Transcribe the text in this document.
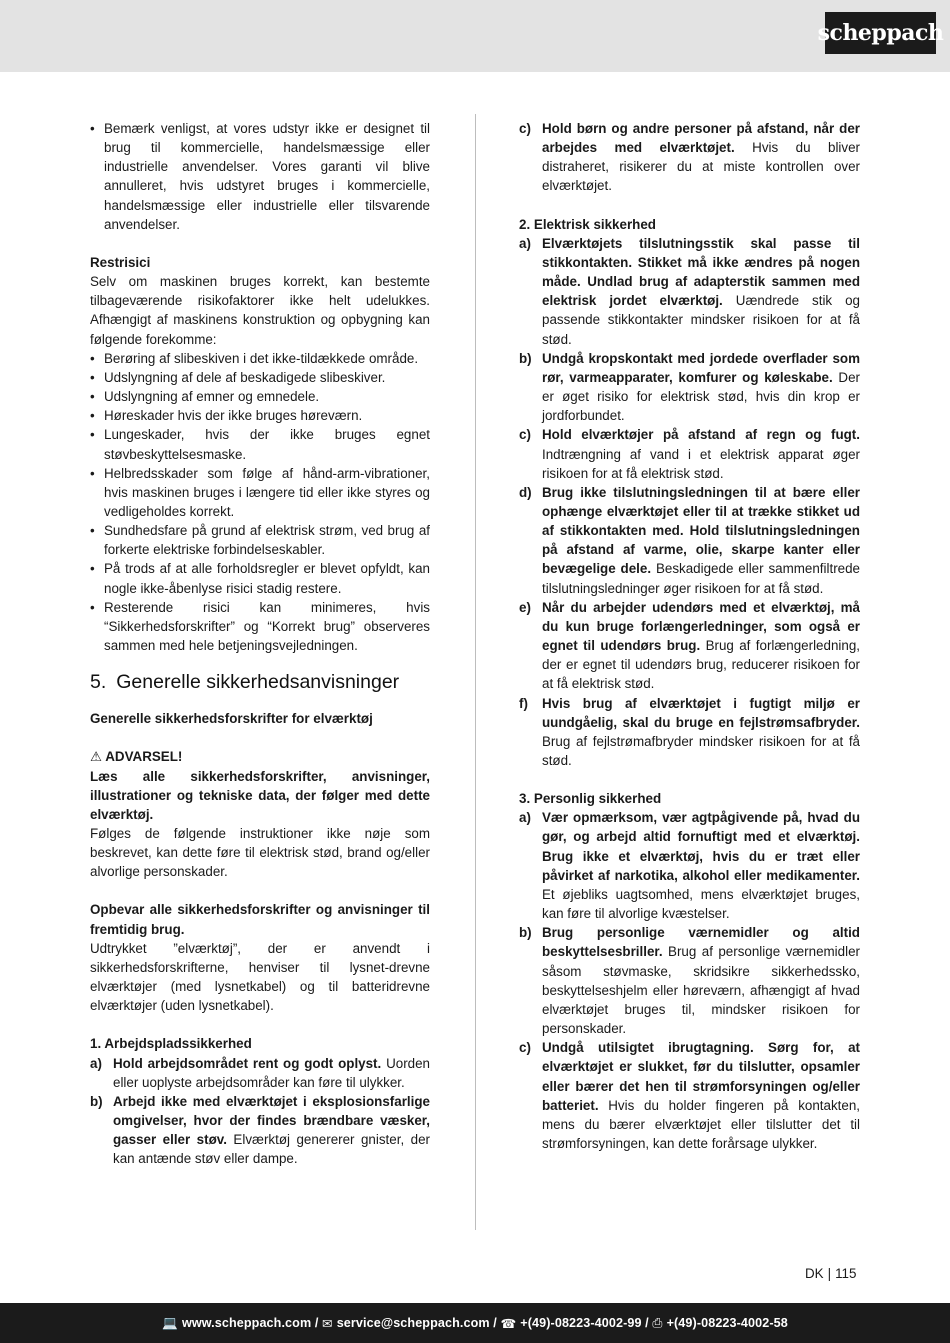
scheppach
• Bemærk venligst, at vores udstyr ikke er designet til brug til kommercielle, handelsmæssige eller industrielle anvendelser. Vores garanti vil blive annulleret, hvis udstyret bruges i kommercielle, handelsmæssige eller industrielle eller tilsvarende anvendelser.

Restrisici

Selv om maskinen bruges korrekt, kan bestemte tilbageværende risikofaktorer ikke helt udelukkes. Afhængigt af maskinens konstruktion og opbygning kan følgende forekomme:

• Berøring af slibeskiven i det ikke-tildækkede område.
• Udslyngning af dele af beskadigede slibeskiver.
• Udslyngning af emner og emnedele.
• Høreskader hvis der ikke bruges høreværn.
• Lungeskader, hvis der ikke bruges egnet støvbeskyttelsesmaske.
• Helbredsskader som følge af hånd-arm-vibrationer, hvis maskinen bruges i længere tid eller ikke styres og vedligeholdes korrekt.
• Sundhedsfare på grund af elektrisk strøm, ved brug af forkerte elektriske forbindelseskabler.
• På trods af at alle forholdsregler er blevet opfyldt, kan nogle ikke-åbenlyse risici stadig restere.
• Resterende risici kan minimeres, hvis “Sikkerhedsforskrifter” og “Korrekt brug” observeres sammen med hele betjeningsvejledningen.
5. Generelle sikkerhedsanvisninger

Generelle sikkerhedsforskrifter for elværktøj

⚠ ADVARSEL!

Læs alle sikkerhedsforskrifter, anvisninger, illustrationer og tekniske data, der følger med dette elværktøj.

Følges de følgende instruktioner ikke nøje som beskrevet, kan dette føre til elektrisk stød, brand og/eller alvorlige personskader.

Opbevar alle sikkerhedsforskrifter og anvisninger til fremtidig brug.

Udtrykket ”elværktøj”, der er anvendt i sikkerhedsforskrifterne, henviser til lysnet-drevne elværktøjer (med lysnetkabel) og til batteridrevne elværktøjer (uden lysnetkabel).

1. Arbejdspladssikkerhed

a) Hold arbejdsområdet rent og godt oplyst. Uorden eller uoplyste arbejdsområder kan føre til ulykker.
b) Arbejd ikke med elværktøjet i eksplosionsfarlige omgivelser, hvor der findes brændbare væsker, gasser eller støv. Elværktøj genererer gnister, der kan antænde støv eller dampe.
c) Hold børn og andre personer på afstand, når der arbejdes med elværktøjet. Hvis du bliver distraheret, risikerer du at miste kontrollen over elværktøjet.

2. Elektrisk sikkerhed

a) Elværktøjets tilslutningsstik skal passe til stikkontakten. Stikket må ikke ændres på nogen måde. Undlad brug af adapterstik sammen med elektrisk jordet elværktøj. Uændrede stik og passende stikkontakter mindsker risikoen for at få stød.
b) Undgå kropskontakt med jordede overflader som rør, varmeapparater, komfurer og køleskabe. Der er øget risiko for elektrisk stød, hvis din krop er jordforbundet.
c) Hold elværktøjer på afstand af regn og fugt. Indtrængning af vand i et elektrisk apparat øger risikoen for at få elektrisk stød.
d) Brug ikke tilslutningsledningen til at bære eller ophænge elværktøjet eller til at trække stikket ud af stikkontakten med. Hold tilslutningsledningen på afstand af varme, olie, skarpe kanter eller bevægelige dele. Beskadigede eller sammenfiltrede tilslutningsledninger øger risikoen for at få stød.
e) Når du arbejder udendørs med et elværktøj, må du kun bruge forlængerledninger, som også er egnet til udendørs brug. Brug af forlængerledning, der er egnet til udendørs brug, reducerer risikoen for at få elektrisk stød.
f) Hvis brug af elværktøjet i fugtigt miljø er uundgåelig, skal du bruge en fejlstrømsafbryder. Brug af fejlstrømafbryder mindsker risikoen for at få stød.

3. Personlig sikkerhed

a) Vær opmærksom, vær agtpågivende på, hvad du gør, og arbejd altid fornuftigt med et elværktøj. Brug ikke et elværktøj, hvis du er træt eller påvirket af narkotika, alkohol eller medikamenter. Et øjebliks uagtsomhed, mens elværktøjet bruges, kan føre til alvorlige kvæstelser.
b) Brug personlige værnemidler og altid beskyttelsesbriller. Brug af personlige værnemidler såsom støvmaske, skridsikre sikkerhedssko, beskyttelseshjelm eller høreværn, afhængigt af hvad elværktøjet bruges til, mindsker risikoen for personskader.
c) Undgå utilsigtet ibrugtagning. Sørg for, at elværktøjet er slukket, før du tilslutter, opsamler eller bærer det hen til strømforsyningen og/eller batteriet. Hvis du holder fingeren på kontakten, mens du bærer elværktøjet eller tilslutter det til strømforsyningen, kan dette forårsage ulykker.
DK | 115
💻 www.scheppach.com / ✉ service@scheppach.com / ☎ +(49)-08223-4002-99 / ⎙ +(49)-08223-4002-58
